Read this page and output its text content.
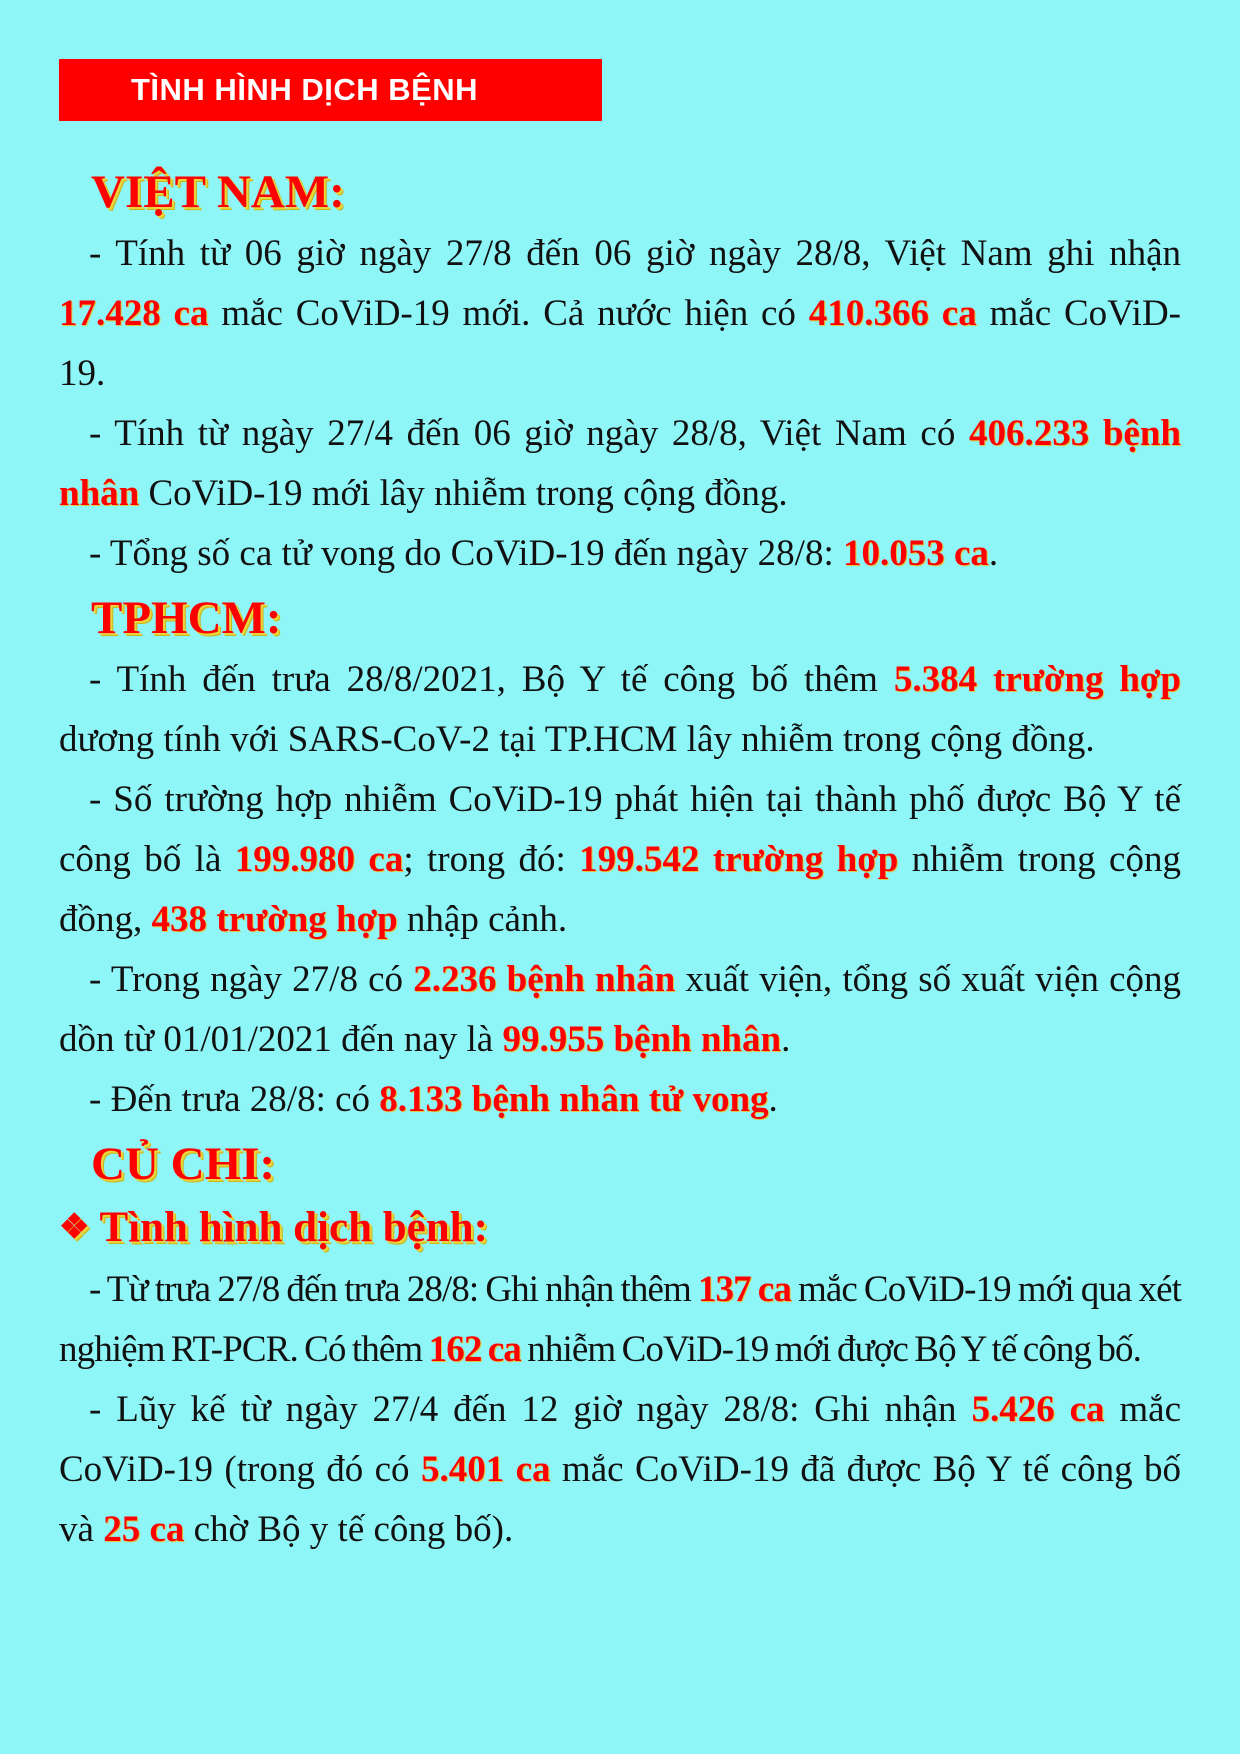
TÌNH HÌNH DỊCH BỆNH
VIỆT NAM:

- Tính từ 06 giờ ngày 27/8 đến 06 giờ ngày 28/8, Việt Nam ghi nhận 17.428 ca mắc CoViD-19 mới. Cả nước hiện có 410.366 ca mắc CoViD-19.

- Tính từ ngày 27/4 đến 06 giờ ngày 28/8, Việt Nam có 406.233 bệnh nhân CoViD-19 mới lây nhiễm trong cộng đồng.

- Tổng số ca tử vong do CoViD-19 đến ngày 28/8: 10.053 ca.

TPHCM:

- Tính đến trưa 28/8/2021, Bộ Y tế công bố thêm 5.384 trường hợp dương tính với SARS-CoV-2 tại TP.HCM lây nhiễm trong cộng đồng.

- Số trường hợp nhiễm CoViD-19 phát hiện tại thành phố được Bộ Y tế công bố là 199.980 ca; trong đó: 199.542 trường hợp nhiễm trong cộng đồng, 438 trường hợp nhập cảnh.

- Trong ngày 27/8 có 2.236 bệnh nhân xuất viện, tổng số xuất viện cộng dồn từ 01/01/2021 đến nay là 99.955 bệnh nhân.

- Đến trưa 28/8: có 8.133 bệnh nhân tử vong.

CỦ CHI:
❖ Tình hình dịch bệnh:

- Từ trưa 27/8 đến trưa 28/8: Ghi nhận thêm 137 ca mắc CoViD-19 mới qua xét nghiệm RT-PCR. Có thêm 162 ca nhiễm CoViD-19 mới được Bộ Y tế công bố.

- Lũy kế từ ngày 27/4 đến 12 giờ ngày 28/8: Ghi nhận 5.426 ca mắc CoViD-19 (trong đó có 5.401 ca mắc CoViD-19 đã được Bộ Y tế công bố và 25 ca chờ Bộ y tế công bố).
